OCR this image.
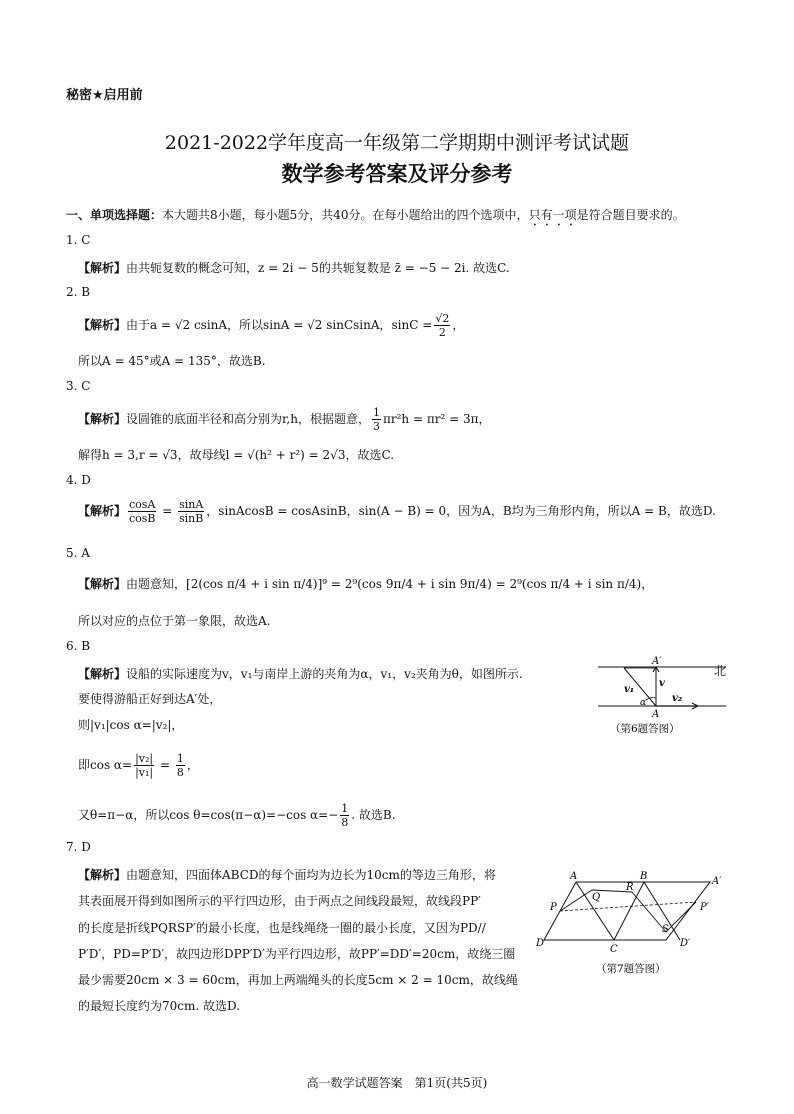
秘密★启用前
2021-2022学年度高一年级第二学期期中测评考试试题
数学参考答案及评分参考
一、单项选择题：本大题共8小题，每小题5分，共40分。在每小题给出的四个选项中，只有一项是符合题目要求的。
1. C
【解析】由共轭复数的概念可知，z = 2i − 5的共轭复数是 z̄ = −5 − 2i. 故选C.
2. B
【解析】由于a = √2 csinA，所以sinA = √2 sinCsinA，$\sin C = \frac{√2}{2}$ ，
所以A = 45°或A = 135°，故选B.
3. C
【解析】设圆锥的底面半径和高分别为r,h，根据题意， $\frac{1}{3} \pi r^2h = \pi r^2 = 3\pi$，
解得h = 3,r = √3，故母线l = √(h² + r²) = 2√3，故选C.
4. D
【解析】 $\frac{\cos A}{\cos B} = \frac{\sin A}{\sin B}$ ，sinAcosB = cosAsinB，sin(A − B) = 0，因为A，B均为三角形内角，所以A = B，故选D.
5. A
【解析】由题意知，[2(cos π/4 + i sin π/4)]⁹ = 2⁹(cos 9π/4 + i sin 9π/4) = 2⁹(cos π/4 + i sin π/4)，
所以对应的点位于第一象限，故选A.
6. B
【解析】设船的实际速度为v，v₁与南岸上游的夹角为α，v₁，v₂夹角为θ，如图所示.
要使得游船正好到达A′处，
则|v₁|cos α=|v₂|，
即$\cos \alpha= \frac{\text{|v₂|}}{\text{|v₁|}} = \frac{1}{8}$ ，
又θ=π−α，所以cos θ=cos(π−α)=−cos $\alpha=- \frac{1}{8}$ . 故选B.
A′
A
v₁
v
v₂
α
（第6题答图）
北
7. D
【解析】由题意知，四面体ABCD的每个面均为边长为10cm的等边三角形，将
其表面展开得到如图所示的平行四边形，由于两点之间线段最短，故线段PP′
的长度是折线PQRSP′的最小长度，也是线绳绕一圈的最小长度，又因为PD//
P′D′，PD=P′D′，故四边形DPP′D′为平行四边形，故PP′=DD′=20cm，故绕三圈
最少需要20cm × 3 = 60cm，再加上两端绳头的长度5cm × 2 = 10cm，故线绳
的最短长度约为70cm. 故选D.
A	B	A′
P
Q
R
P′
S
D
C
D′
（第7题答图）
高一数学试题答案　第1页(共5页)
